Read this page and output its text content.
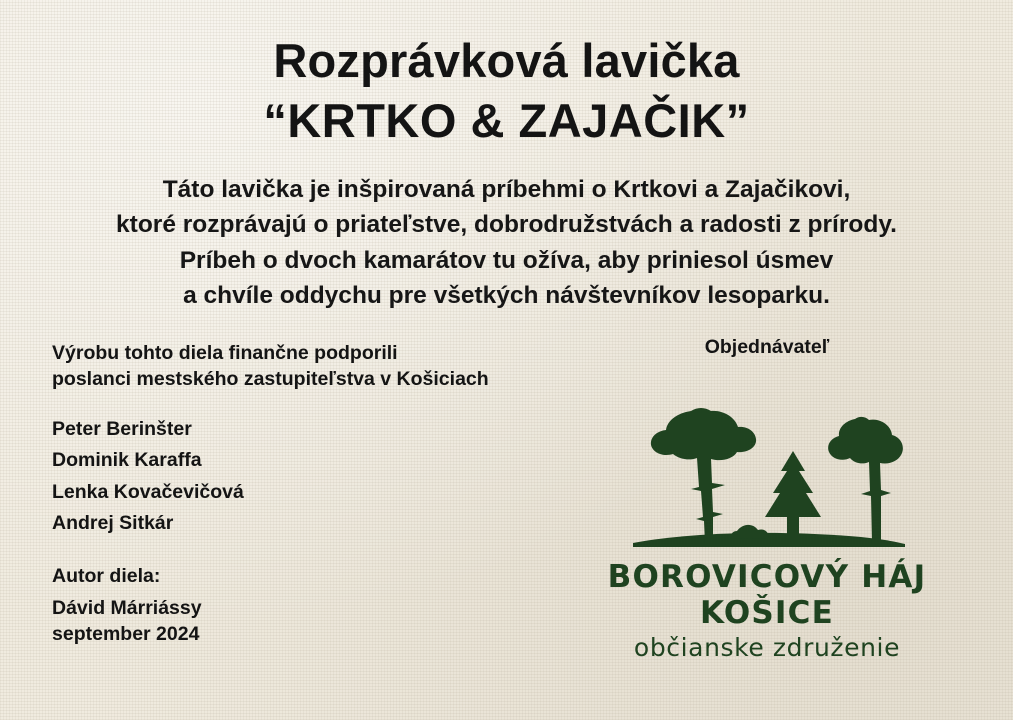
Rozprávková lavička
“KRTKO & ZAJAČIK”
Táto lavička je inšpirovaná príbehmi o Krtkovi a Zajačikovi,
ktoré rozprávajú o priateľstve, dobrodružstvách a radosti z prírody.
Príbeh o dvoch kamarátov tu ožíva, aby priniesol úsmev
a chvíle oddychu pre všetkých návštevníkov lesoparku.
Výrobu tohto diela finančne podporili
poslanci mestského zastupiteľstva v Košiciach
Peter Berinšter
Dominik Karaffa
Lenka Kovačevičová
Andrej Sitkár
Autor diela:
Dávid Márriássy
september 2024
Objednávateľ
BOROVICOVÝ HÁJ KOŠICE
občianske združenie
